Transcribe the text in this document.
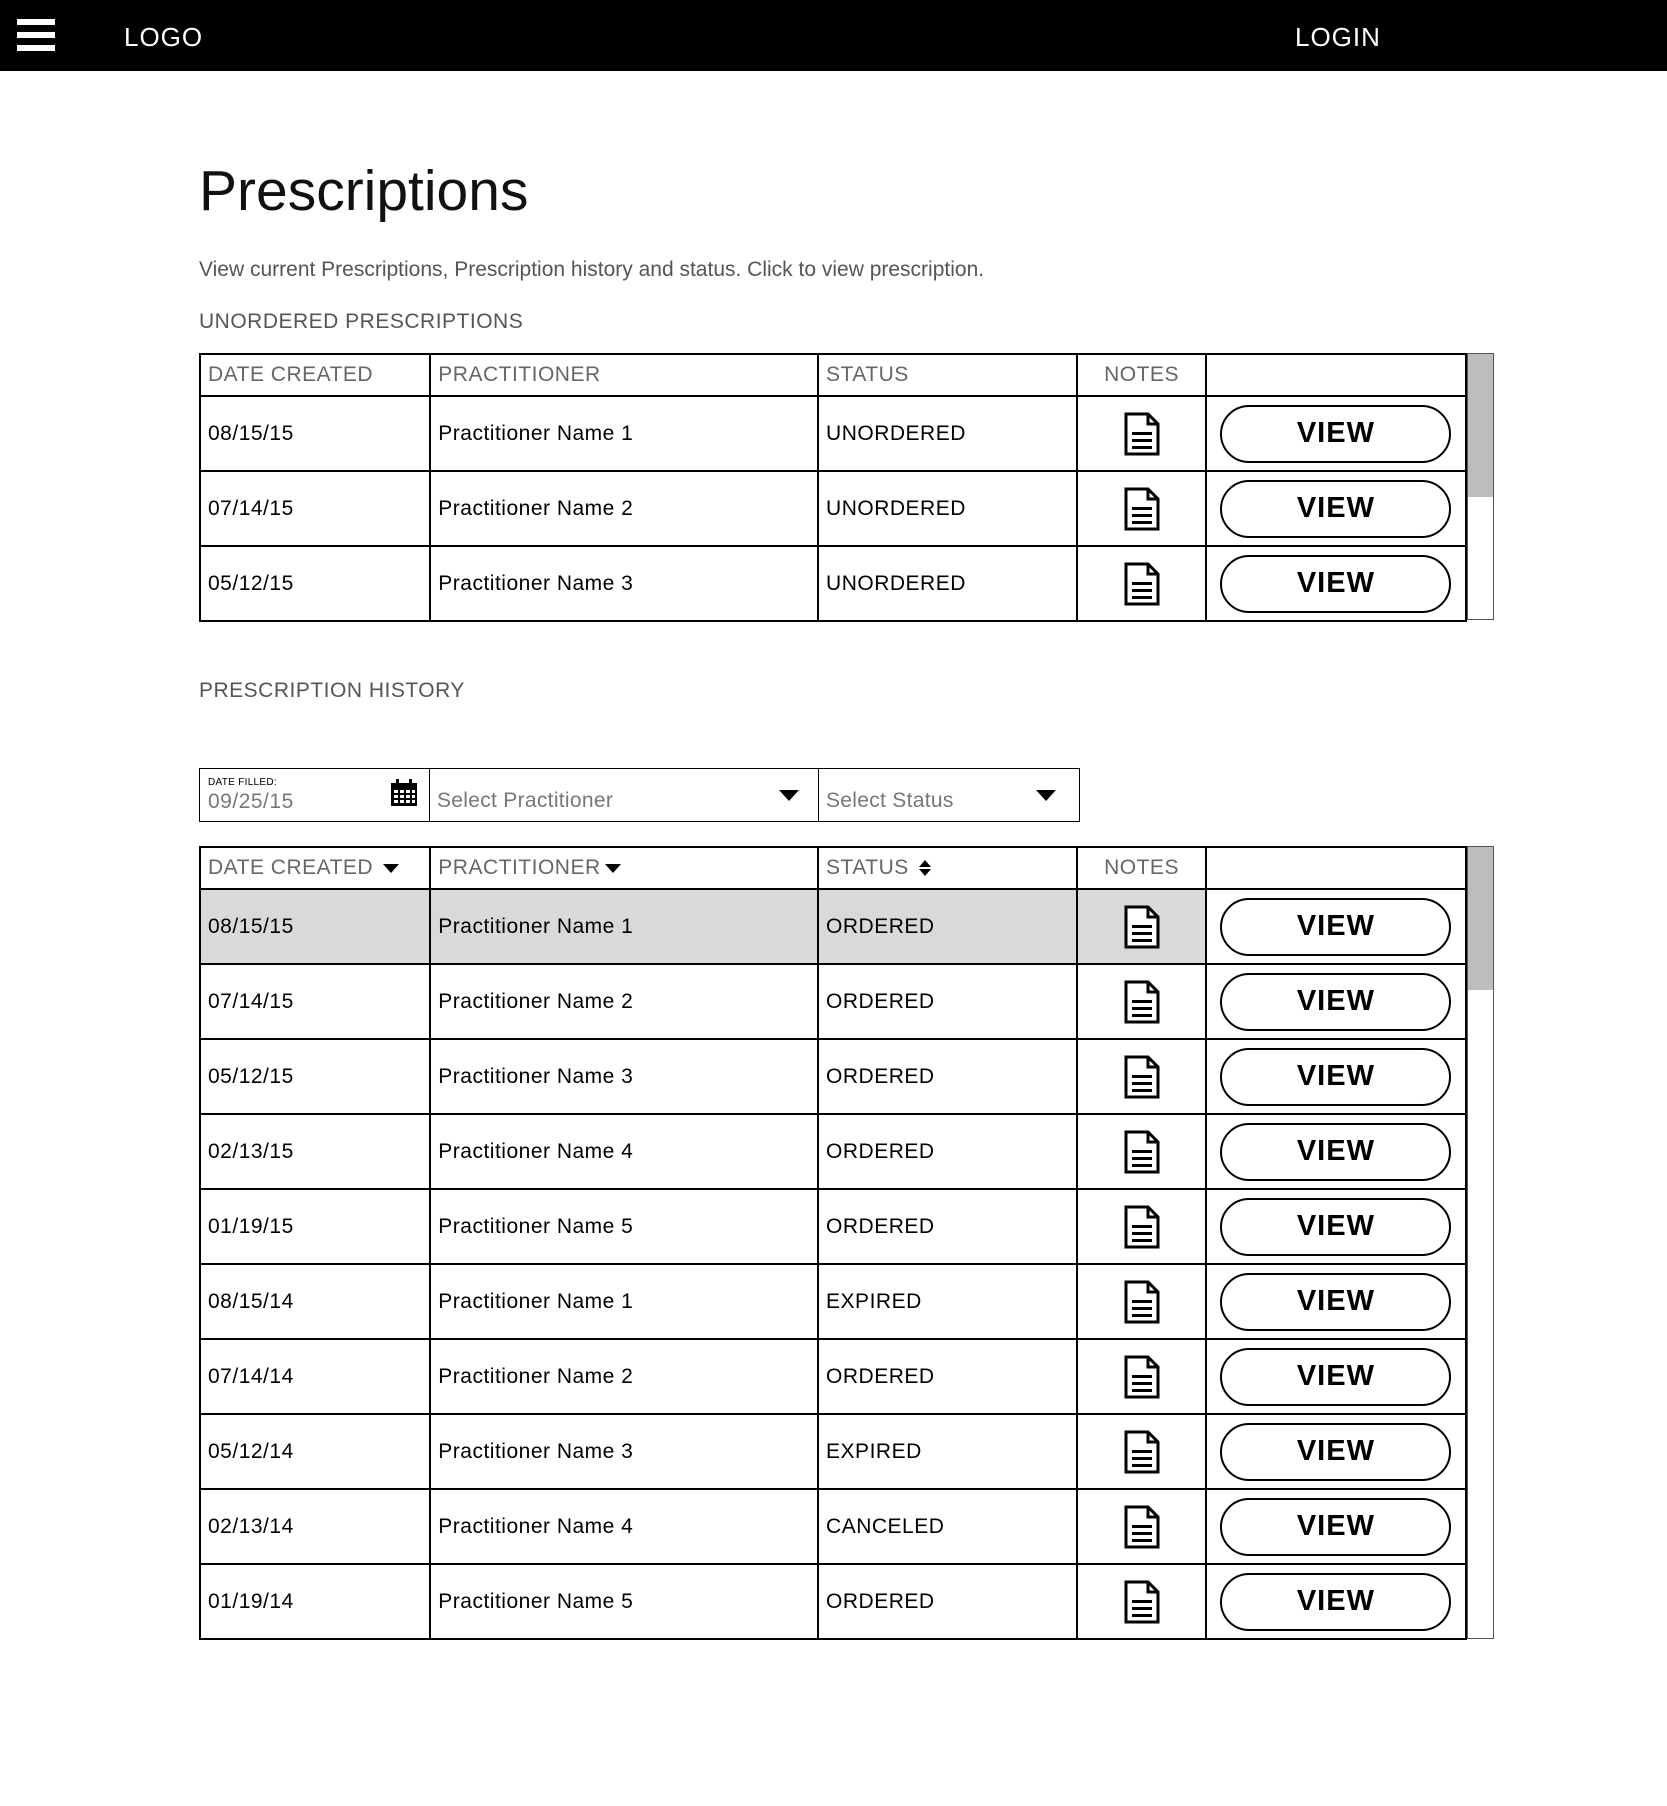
LOGO	LOGIN
Prescriptions

View current Prescriptions, Prescription history and status. Click to view prescription.

UNORDERED PRESCRIPTIONS
DATE CREATED	PRACTITIONER	STATUS	NOTES
08/15/15	Practitioner Name 1	UNORDERED	VIEW
07/14/15	Practitioner Name 2	UNORDERED	VIEW
05/12/15	Practitioner Name 3	UNORDERED	VIEW
PRESCRIPTION HISTORY
DATE FILLED:
09/25/15	Select Practitioner	Select Status
DATE CREATED	PRACTITIONER	STATUS	NOTES
08/15/15	Practitioner Name 1	ORDERED	VIEW
07/14/15	Practitioner Name 2	ORDERED	VIEW
05/12/15	Practitioner Name 3	ORDERED	VIEW
02/13/15	Practitioner Name 4	ORDERED	VIEW
01/19/15	Practitioner Name 5	ORDERED	VIEW
08/15/14	Practitioner Name 1	EXPIRED	VIEW
07/14/14	Practitioner Name 2	ORDERED	VIEW
05/12/14	Practitioner Name 3	EXPIRED	VIEW
02/13/14	Practitioner Name 4	CANCELED	VIEW
01/19/14	Practitioner Name 5	ORDERED	VIEW
